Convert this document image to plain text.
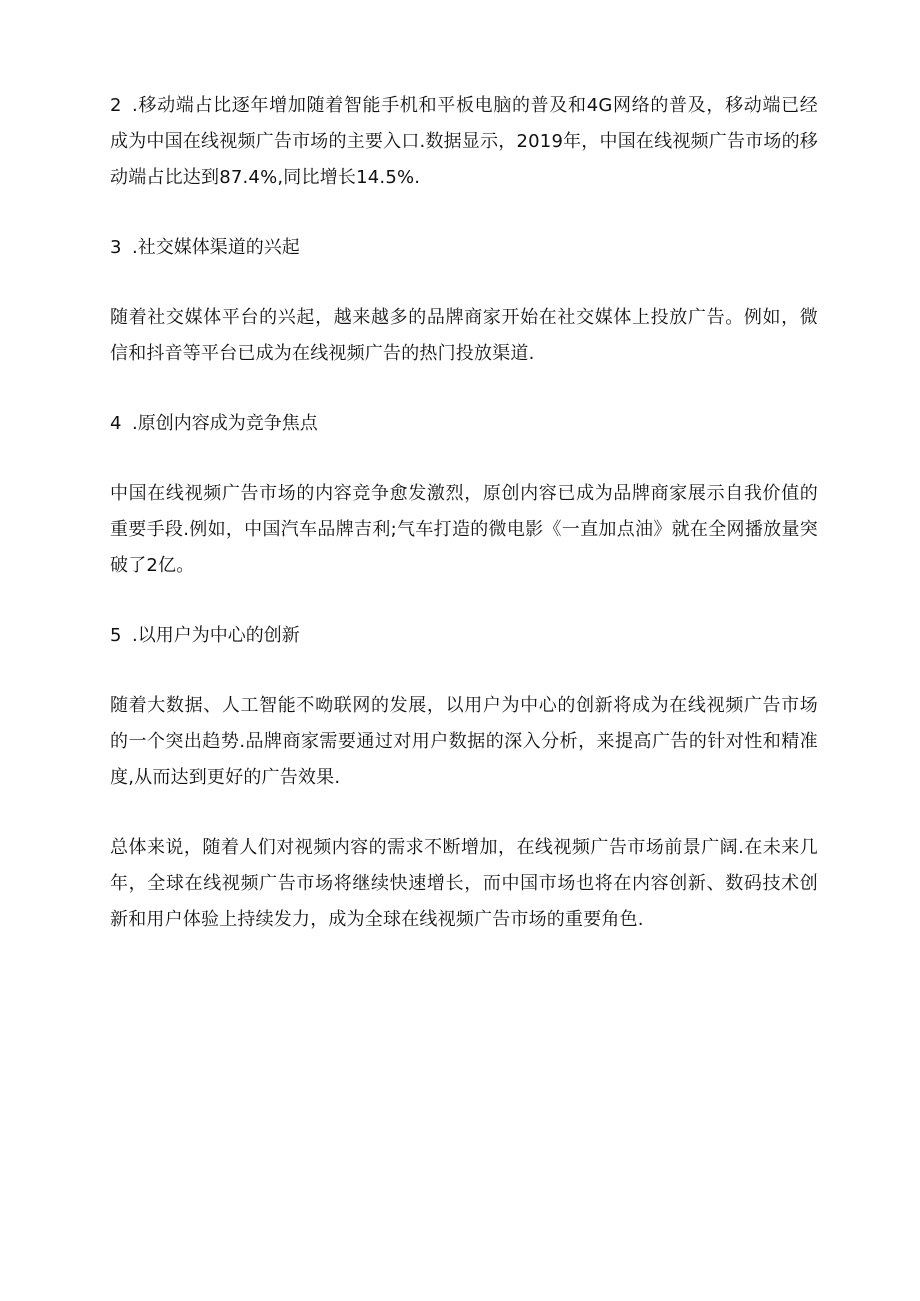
2 .移动端占比逐年增加随着智能手机和平板电脑的普及和4G网络的普及，移动端已经成为中国在线视频广告市场的主要入口.数据显示，2019年，中国在线视频广告市场的移动端占比达到87.4%,同比增长14.5%.

3 .社交媒体渠道的兴起

随着社交媒体平台的兴起，越来越多的品牌商家开始在社交媒体上投放广告。例如，微信和抖音等平台已成为在线视频广告的热门投放渠道.

4 .原创内容成为竞争焦点

中国在线视频广告市场的内容竞争愈发激烈，原创内容已成为品牌商家展示自我价值的重要手段.例如，中国汽车品牌吉利;气车打造的微电影《一直加点油》就在全网播放量突破了2亿。

5 .以用户为中心的创新

随着大数据、人工智能不呦联网的发展，以用户为中心的创新将成为在线视频广告市场的一个突出趋势.品牌商家需要通过对用户数据的深入分析，来提高广告的针对性和精准度,从而达到更好的广告效果.

总体来说，随着人们对视频内容的需求不断增加，在线视频广告市场前景广阔.在未来几年，全球在线视频广告市场将继续快速增长，而中国市场也将在内容创新、数码技术创新和用户体验上持续发力，成为全球在线视频广告市场的重要角色.
